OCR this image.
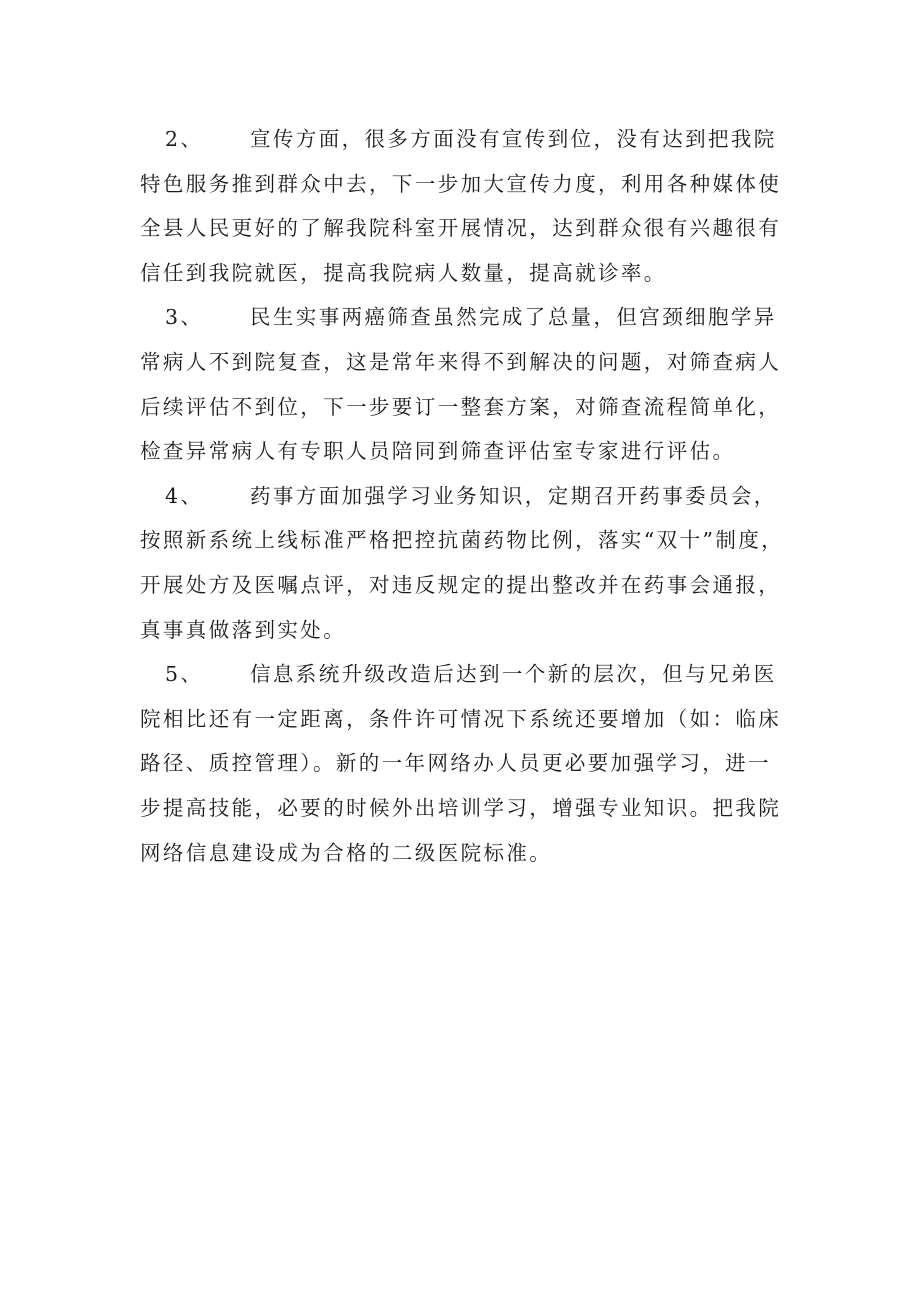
2、 宣传方面，很多方面没有宣传到位，没有达到把我院
特色服务推到群众中去，下一步加大宣传力度，利用各种媒体使
全县人民更好的了解我院科室开展情况，达到群众很有兴趣很有
信任到我院就医，提高我院病人数量，提高就诊率。
3、 民生实事两癌筛查虽然完成了总量，但宫颈细胞学异
常病人不到院复查，这是常年来得不到解决的问题，对筛查病人
后续评估不到位，下一步要订一整套方案，对筛查流程简单化，
检查异常病人有专职人员陪同到筛查评估室专家进行评估。
4、 药事方面加强学习业务知识，定期召开药事委员会，
按照新系统上线标准严格把控抗菌药物比例，落实“双十”制度，
开展处方及医嘱点评，对违反规定的提出整改并在药事会通报，
真事真做落到实处。
5、 信息系统升级改造后达到一个新的层次，但与兄弟医
院相比还有一定距离，条件许可情况下系统还要增加（如：临床
路径、质控管理）。新的一年网络办人员更必要加强学习，进一
步提高技能，必要的时候外出培训学习，增强专业知识。把我院
网络信息建设成为合格的二级医院标准。
